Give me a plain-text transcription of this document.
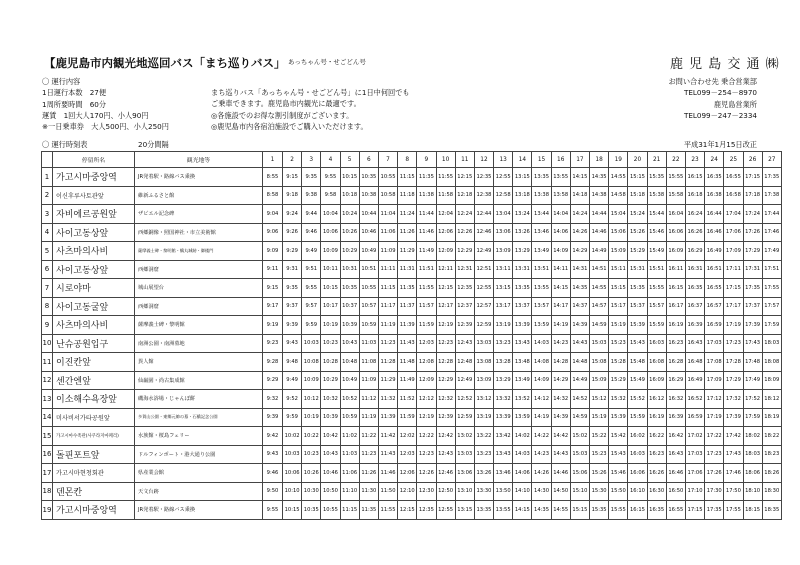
【鹿児島市内観光地巡回バス「まち巡りバス」 あっちゃん号・せごどん号	鹿 児 島 交 通 ㈱
〇 運行内容
1日運行本数　27便
1周所要時間　60分
運賃　1回大人170円、小人90円
※一日乗車券　大人500円、小人250円
まち巡りバス「あっちゃん号・せごどん号」に1日中何回でも
ご乗車できます。鹿児島市内観光に最適です。
◎各施設でのお得な割引制度がございます。
◎鹿児島市内各宿泊施設でご購入いただけます。
お問い合わせ先 乗合営業部
TEL099－254－8970
鹿児島営業所
TEL099－247－2334
〇 運行時刻表	20分間隔	平成31年1月15日改正
	停留所名	観光地等	1	2	3	4	5	6	7	8	9	10	11	12	13	14	15	16	17	18	19	20	21	22	23	24	25	26	27
1	가고시마중앙역	JR発着駅・路線バス乗換	8:55	9:15	9:35	9:55	10:15	10:35	10:55	11:15	11:35	11:55	12:15	12:35	12:55	13:15	13:35	13:55	14:15	14:35	14:55	15:15	15:35	15:55	16:15	16:35	16:55	17:15	17:35
2	이신후루사토관앞	維新ふるさと館	8:58	9:18	9:38	9:58	10:18	10:38	10:58	11:18	11:38	11:58	12:18	12:38	12:58	13:18	13:38	13:58	14:18	14:38	14:58	15:18	15:38	15:58	16:18	16:38	16:58	17:18	17:38
3	자비에르공원앞	ザビエル記念碑	9:04	9:24	9:44	10:04	10:24	10:44	11:04	11:24	11:44	12:04	12:24	12:44	13:04	13:24	13:44	14:04	14:24	14:44	15:04	15:24	15:44	16:04	16:24	16:44	17:04	17:24	17:44
4	사이고동상앞	西郷銅像・照国神社・市立美術館	9:06	9:26	9:46	10:06	10:26	10:46	11:06	11:26	11:46	12:06	12:26	12:46	13:06	13:26	13:46	14:06	14:26	14:46	15:06	15:26	15:46	16:06	16:26	16:46	17:06	17:26	17:46
5	사츠마의사비	薩摩義士碑・黎明館・鶴丸城跡・御楼門	9:09	9:29	9:49	10:09	10:29	10:49	11:09	11:29	11:49	12:09	12:29	12:49	13:09	13:29	13:49	14:09	14:29	14:49	15:09	15:29	15:49	16:09	16:29	16:49	17:09	17:29	17:49
6	사이고동상앞	西郷洞窟	9:11	9:31	9:51	10:11	10:31	10:51	11:11	11:31	11:51	12:11	12:31	12:51	13:11	13:31	13:51	14:11	14:31	14:51	15:11	15:31	15:51	16:11	16:31	16:51	17:11	17:31	17:51
7	시로야마	城山展望台	9:15	9:35	9:55	10:15	10:35	10:55	11:15	11:35	11:55	12:15	12:35	12:55	13:15	13:35	13:55	14:15	14:35	14:55	15:15	15:35	15:55	16:15	16:35	16:55	17:15	17:35	17:55
8	사이고동굴앞	西郷洞窟	9:17	9:37	9:57	10:17	10:37	10:57	11:17	11:37	11:57	12:17	12:37	12:57	13:17	13:37	13:57	14:17	14:37	14:57	15:17	15:37	15:57	16:17	16:37	16:57	17:17	17:37	17:57
9	사츠마의사비	薩摩義士碑・黎明館	9:19	9:39	9:59	10:19	10:39	10:59	11:19	11:39	11:59	12:19	12:39	12:59	13:19	13:39	13:59	14:19	14:39	14:59	15:19	15:39	15:59	16:19	16:39	16:59	17:19	17:39	17:59
10	난슈공원입구	南洲公園・南洲墓地	9:23	9:43	10:03	10:23	10:43	11:03	11:23	11:43	12:03	12:23	12:43	13:03	13:23	13:43	14:03	14:23	14:43	15:03	15:23	15:43	16:03	16:23	16:43	17:03	17:23	17:43	18:03
11	이진칸앞	異人館	9:28	9:48	10:08	10:28	10:48	11:08	11:28	11:48	12:08	12:28	12:48	13:08	13:28	13:48	14:08	14:28	14:48	15:08	15:28	15:48	16:08	16:28	16:48	17:08	17:28	17:48	18:08
12	센간엔앞	仙巌園・尚古集成館	9:29	9:49	10:09	10:29	10:49	11:09	11:29	11:49	12:09	12:29	12:49	13:09	13:29	13:49	14:09	14:29	14:49	15:09	15:29	15:49	16:09	16:29	16:49	17:09	17:29	17:49	18:09
13	이소해수욕장앞	磯海水浴場・じゃんぼ餅	9:32	9:52	10:12	10:32	10:52	11:12	11:32	11:52	12:12	12:32	12:52	13:12	13:32	13:52	14:12	14:32	14:52	15:12	15:32	15:52	16:12	16:32	16:52	17:12	17:32	17:52	18:12
14	미사비서가타공원앞	多賀山公園・東郷元帥の墓・石橋記念公園	9:39	9:59	10:19	10:39	10:59	11:19	11:39	11:59	12:19	12:39	12:59	13:19	13:39	13:59	14:19	14:39	14:59	15:19	15:39	15:59	16:19	16:39	16:59	17:19	17:39	17:59	18:19
15	가고시마수족관(사쿠라지마페리)	水族館・桜島フェリー	9:42	10:02	10:22	10:42	11:02	11:22	11:42	12:02	12:22	12:42	13:02	13:22	13:42	14:02	14:22	14:42	15:02	15:22	15:42	16:02	16:22	16:42	17:02	17:22	17:42	18:02	18:22
16	돌핀포트앞	ドルフィンポート・港大通り公園	9:43	10:03	10:23	10:43	11:03	11:23	11:43	12:03	12:23	12:43	13:03	13:23	13:43	14:03	14:23	14:43	15:03	15:23	15:43	16:03	16:23	16:43	17:03	17:23	17:43	18:03	18:23
17	가고시마현청회관	県産業会館	9:46	10:06	10:26	10:46	11:06	11:26	11:46	12:06	12:26	12:46	13:06	13:26	13:46	14:06	14:26	14:46	15:06	15:26	15:46	16:06	16:26	16:46	17:06	17:26	17:46	18:06	18:26
18	덴몬칸	天文台跡	9:50	10:10	10:30	10:50	11:10	11:30	11:50	12:10	12:30	12:50	13:10	13:30	13:50	14:10	14:30	14:50	15:10	15:30	15:50	16:10	16:30	16:50	17:10	17:30	17:50	18:10	18:30
19	가고시마중앙역	JR発着駅・路線バス乗換	9:55	10:15	10:35	10:55	11:15	11:35	11:55	12:15	12:35	12:55	13:15	13:35	13:55	14:15	14:35	14:55	15:15	15:35	15:55	16:15	16:35	16:55	17:15	17:35	17:55	18:15	18:35
